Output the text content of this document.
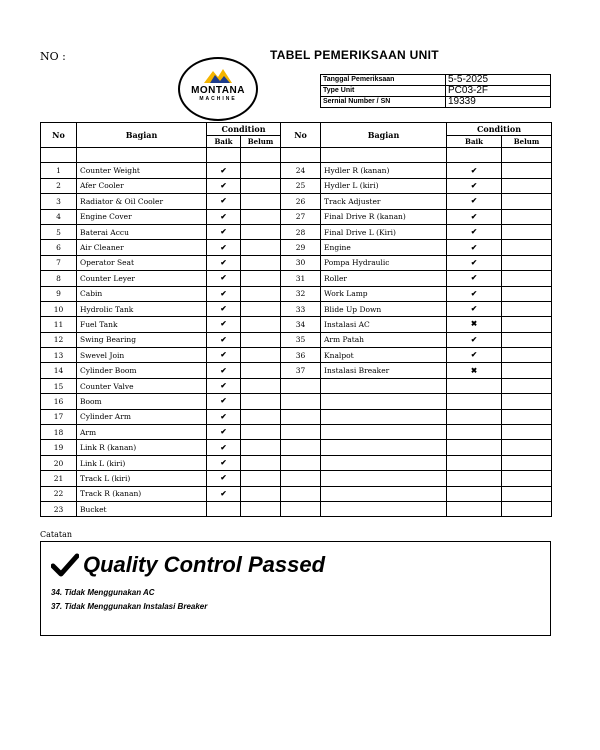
NO :	TABEL PEMERIKSAAN UNIT
MONTANA
MACHINE
Tanggal Pemeriksaan	5-5-2025
Type Unit	PC03-2F
Sernial Number / SN	19339
No	Bagian	Condition		No	Bagian	Condition	
		Baik	Belum			Baik	Belum

1	Counter Weight	✔		24	Hydler R (kanan)	✔	
2	Afer Cooler	✔		25	Hydler L (kiri)	✔	
3	Radiator & Oil Cooler	✔		26	Track Adjuster	✔	
4	Engine Cover	✔		27	Final Drive R (kanan)	✔	
5	Baterai Accu	✔		28	Final Drive L (Kiri)	✔	
6	Air Cleaner	✔		29	Engine	✔	
7	Operator Seat	✔		30	Pompa Hydraulic	✔	
8	Counter Leyer	✔		31	Roller	✔	
9	Cabin	✔		32	Work Lamp	✔	
10	Hydrolic Tank	✔		33	Blide Up Down	✔	
11	Fuel Tank	✔		34	Instalasi AC	✖	
12	Swing Bearing	✔		35	Arm Patah	✔	
13	Swevel Join	✔		36	Knalpot	✔	
14	Cylinder Boom	✔		37	Instalasi Breaker	✖	
15	Counter Valve	✔					
16	Boom	✔					
17	Cylinder Arm	✔					
18	Arm	✔					
19	Link R (kanan)	✔					
20	Link L (kiri)	✔					
21	Track L (kiri)	✔					
22	Track R (kanan)	✔					
23	Bucket						
Catatan
Quality Control Passed
34. Tidak Menggunakan AC
37. Tidak Menggunakan Instalasi Breaker
